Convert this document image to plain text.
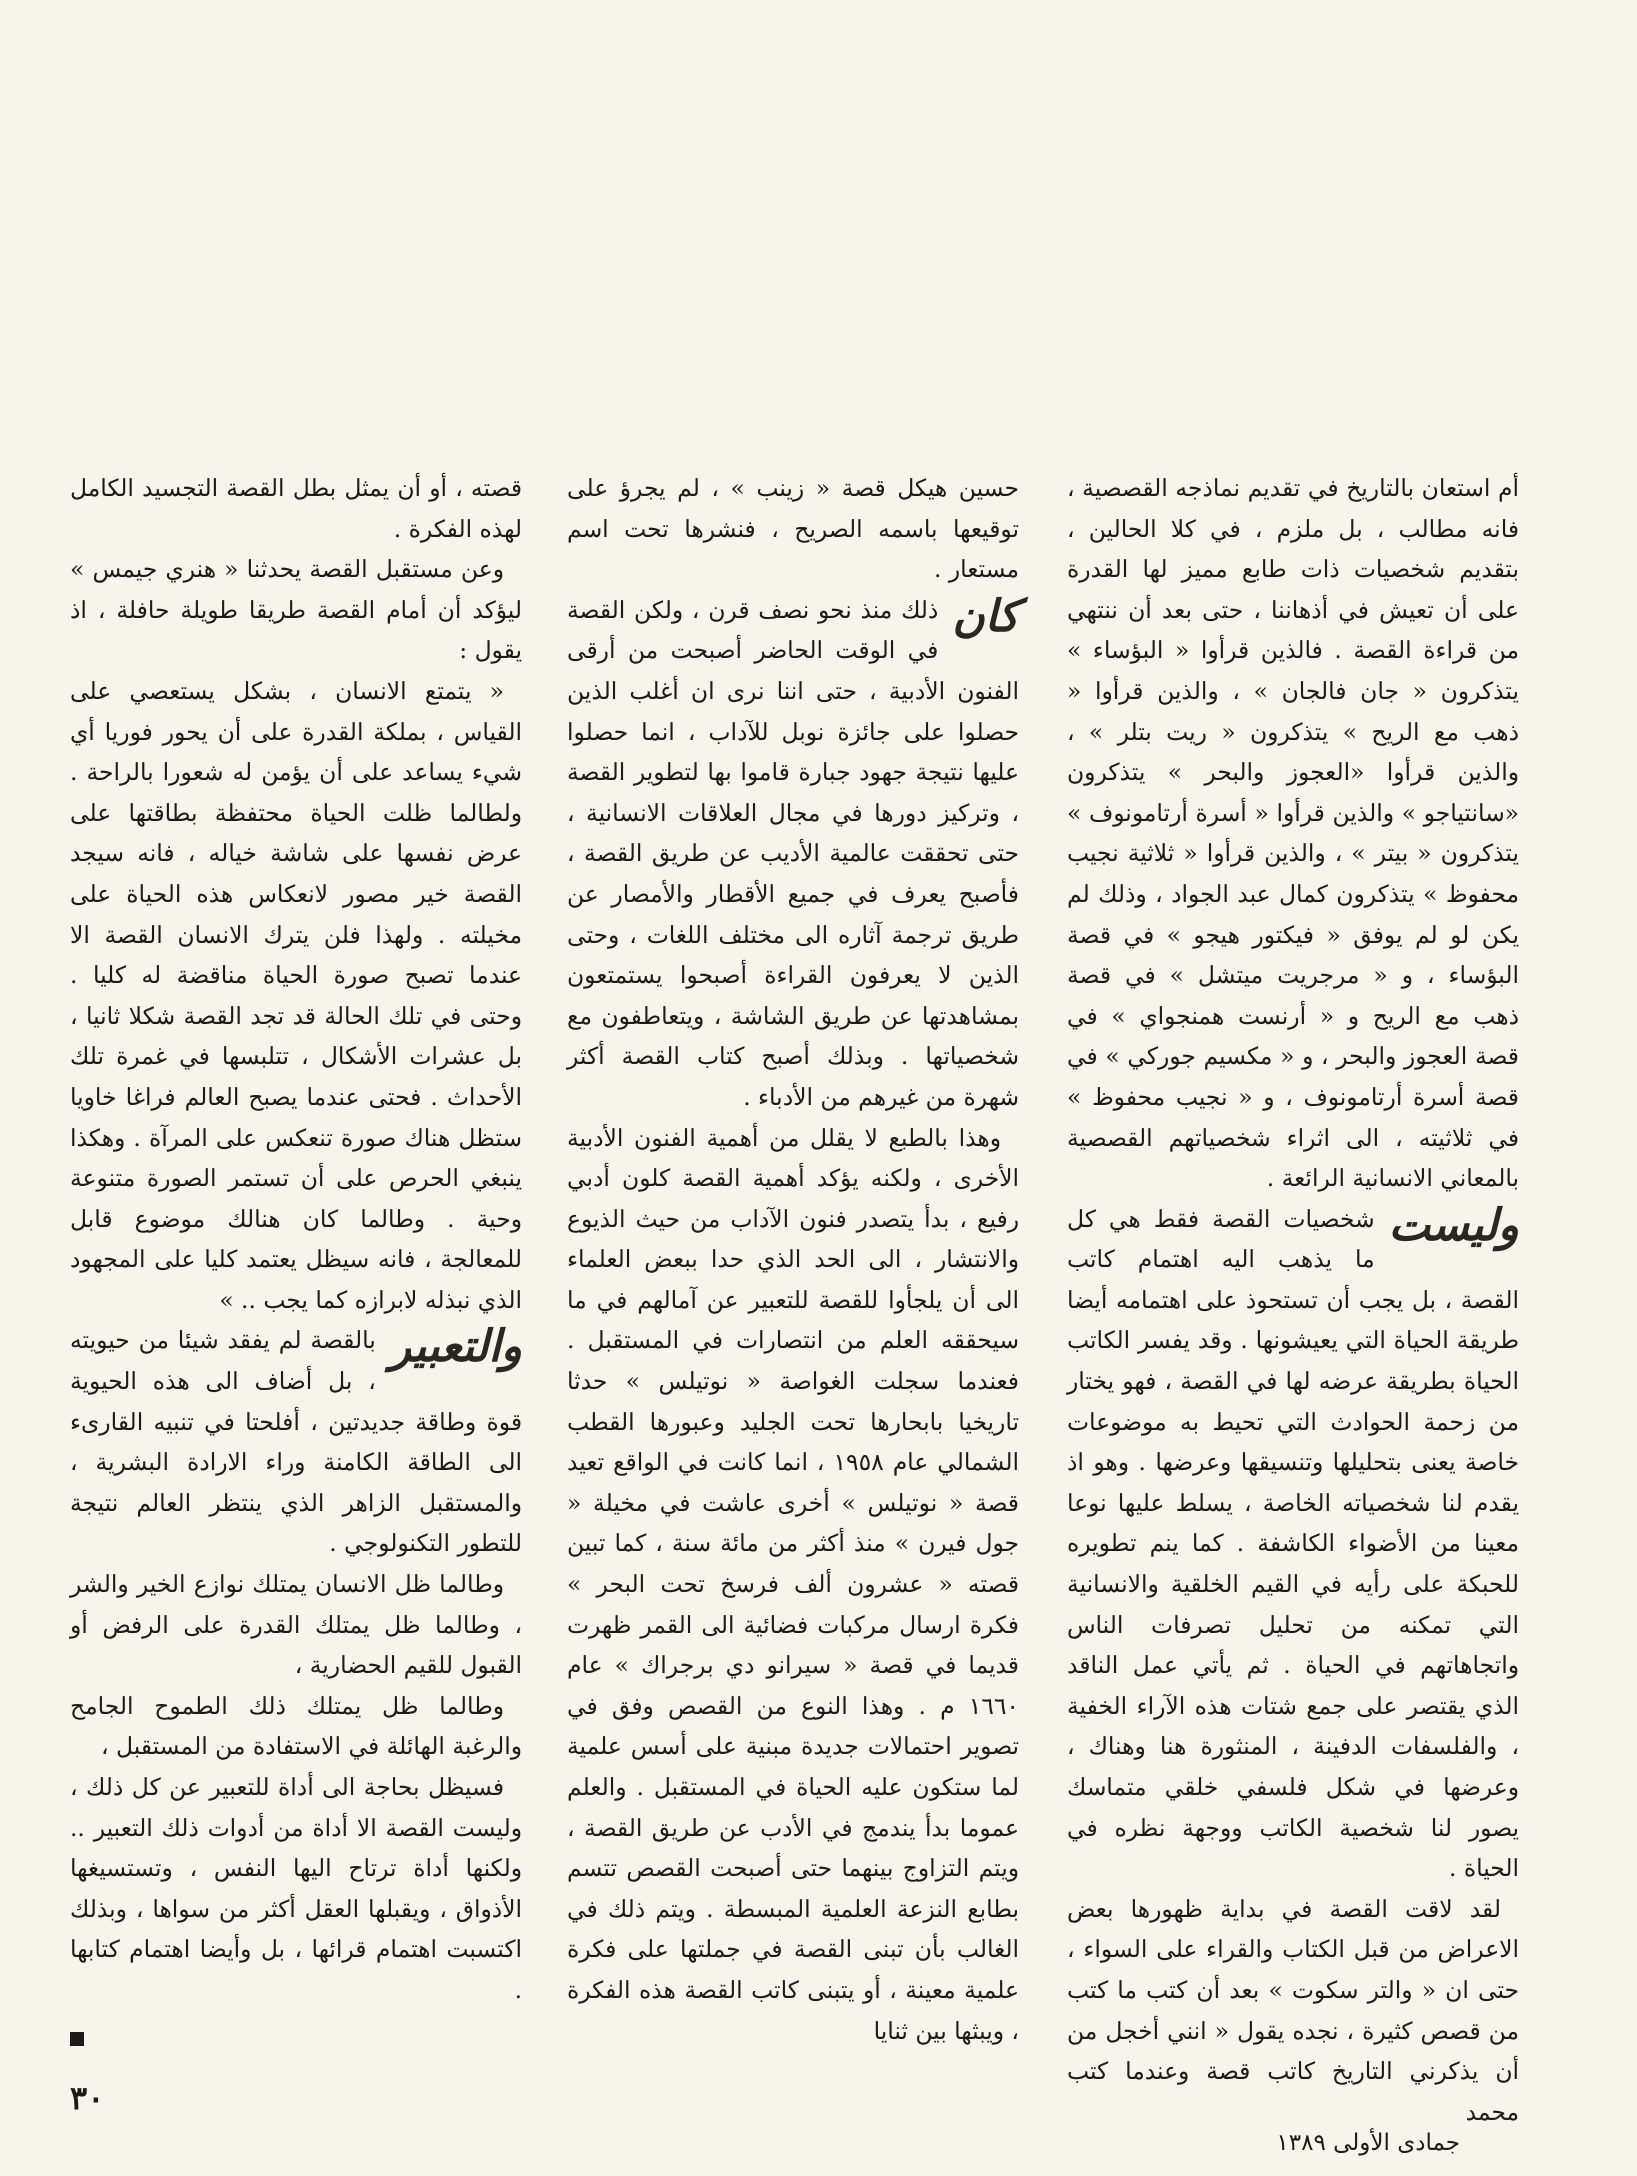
أم استعان بالتاريخ في تقديم نماذجه القصصية ، فانه مطالب ، بل ملزم ، في كلا الحالين ، بتقديم شخصيات ذات طابع مميز لها القدرة على أن تعيش في أذهاننا ، حتى بعد أن ننتهي من قراءة القصة . فالذين قرأوا « البؤساء » يتذكرون « جان فالجان » ، والذين قرأوا « ذهب مع الريح » يتذكرون « ريت بتلر » ، والذين قرأوا «العجوز والبحر » يتذكرون «سانتياجو » والذين قرأوا « أسرة أرتامونوف » يتذكرون « بيتر » ، والذين قرأوا « ثلاثية نجيب محفوظ » يتذكرون كمال عبد الجواد ، وذلك لم يكن لو لم يوفق « فيكتور هيجو » في قصة البؤساء ، و « مرجريت ميتشل » في قصة ذهب مع الريح و « أرنست همنجواي » في قصة العجوز والبحر ، و « مكسيم جوركي » في قصة أسرة أرتامونوف ، و « نجيب محفوظ » في ثلاثيته ، الى اثراء شخصياتهم القصصية بالمعاني الانسانية الرائعة .

وليست
شخصيات القصة فقط هي كل ما يذهب اليه اهتمام كاتب القصة ، بل يجب أن تستحوذ على اهتمامه أيضا طريقة الحياة التي يعيشونها . وقد يفسر الكاتب الحياة بطريقة عرضه لها في القصة ، فهو يختار من زحمة الحوادث التي تحيط به موضوعات خاصة يعنى بتحليلها وتنسيقها وعرضها . وهو اذ يقدم لنا شخصياته الخاصة ، يسلط عليها نوعا معينا من الأضواء الكاشفة . كما ينم تطويره للحبكة على رأيه في القيم الخلقية والانسانية التي تمكنه من تحليل تصرفات الناس واتجاهاتهم في الحياة . ثم يأتي عمل الناقد الذي يقتصر على جمع شتات هذه الآراء الخفية ، والفلسفات الدفينة ، المنثورة هنا وهناك ، وعرضها في شكل فلسفي خلقي متماسك يصور لنا شخصية الكاتب ووجهة نظره في الحياة .

لقد لاقت القصة في بداية ظهورها بعض الاعراض من قبل الكتاب والقراء على السواء ، حتى ان « والتر سكوت » بعد أن كتب ما كتب من قصص كثيرة ، نجده يقول « انني أخجل من أن يذكرني التاريخ كاتب قصة وعندما كتب محمد

حسين هيكل قصة « زينب » ، لم يجرؤ على توقيعها باسمه الصريح ، فنشرها تحت اسم مستعار .

كان
ذلك منذ نحو نصف قرن ، ولكن القصة في الوقت الحاضر أصبحت من أرقى الفنون الأدبية ، حتى اننا نرى ان أغلب الذين حصلوا على جائزة نوبل للآداب ، انما حصلوا عليها نتيجة جهود جبارة قاموا بها لتطوير القصة ، وتركيز دورها في مجال العلاقات الانسانية ، حتى تحققت عالمية الأديب عن طريق القصة ، فأصبح يعرف في جميع الأقطار والأمصار عن طريق ترجمة آثاره الى مختلف اللغات ، وحتى الذين لا يعرفون القراءة أصبحوا يستمتعون بمشاهدتها عن طريق الشاشة ، ويتعاطفون مع شخصياتها . وبذلك أصبح كتاب القصة أكثر شهرة من غيرهم من الأدباء .

وهذا بالطبع لا يقلل من أهمية الفنون الأدبية الأخرى ، ولكنه يؤكد أهمية القصة كلون أدبي رفيع ، بدأ يتصدر فنون الآداب من حيث الذيوع والانتشار ، الى الحد الذي حدا ببعض العلماء الى أن يلجأوا للقصة للتعبير عن آمالهم في ما سيحققه العلم من انتصارات في المستقبل . فعندما سجلت الغواصة « نوتيلس » حدثا تاريخيا بابحارها تحت الجليد وعبورها القطب الشمالي عام ١٩٥٨ ، انما كانت في الواقع تعيد قصة « نوتيلس » أخرى عاشت في مخيلة « جول فيرن » منذ أكثر من مائة سنة ، كما تبين قصته « عشرون ألف فرسخ تحت البحر » فكرة ارسال مركبات فضائية الى القمر ظهرت قديما في قصة « سيرانو دي برجراك » عام ١٦٦٠ م . وهذا النوع من القصص وفق في تصوير احتمالات جديدة مبنية على أسس علمية لما ستكون عليه الحياة في المستقبل . والعلم عموما بدأ يندمج في الأدب عن طريق القصة ، ويتم التزاوج بينهما حتى أصبحت القصص تتسم بطابع النزعة العلمية المبسطة . ويتم ذلك في الغالب بأن تبنى القصة في جملتها على فكرة علمية معينة ، أو يتبنى كاتب القصة هذه الفكرة ، ويبثها بين ثنايا

قصته ، أو أن يمثل بطل القصة التجسيد الكامل لهذه الفكرة .

وعن مستقبل القصة يحدثنا « هنري جيمس » ليؤكد أن أمام القصة طريقا طويلة حافلة ، اذ يقول :

« يتمتع الانسان ، بشكل يستعصي على القياس ، بملكة القدرة على أن يحور فوريا أي شيء يساعد على أن يؤمن له شعورا بالراحة . ولطالما ظلت الحياة محتفظة بطاقتها على عرض نفسها على شاشة خياله ، فانه سيجد القصة خير مصور لانعكاس هذه الحياة على مخيلته . ولهذا فلن يترك الانسان القصة الا عندما تصبح صورة الحياة مناقضة له كليا . وحتى في تلك الحالة قد تجد القصة شكلا ثانيا ، بل عشرات الأشكال ، تتلبسها في غمرة تلك الأحداث . فحتى عندما يصبح العالم فراغا خاويا ستظل هناك صورة تنعكس على المرآة . وهكذا ينبغي الحرص على أن تستمر الصورة متنوعة وحية . وطالما كان هنالك موضوع قابل للمعالجة ، فانه سيظل يعتمد كليا على المجهود الذي نبذله لابرازه كما يجب .. »

والتعبير
بالقصة لم يفقد شيئا من حيويته ، بل أضاف الى هذه الحيوية قوة وطاقة جديدتين ، أفلحتا في تنبيه القارىء الى الطاقة الكامنة وراء الارادة البشرية ، والمستقبل الزاهر الذي ينتظر العالم نتيجة للتطور التكنولوجي .

وطالما ظل الانسان يمتلك نوازع الخير والشر ، وطالما ظل يمتلك القدرة على الرفض أو القبول للقيم الحضارية ،

وطالما ظل يمتلك ذلك الطموح الجامح والرغبة الهائلة في الاستفادة من المستقبل ،

فسيظل بحاجة الى أداة للتعبير عن كل ذلك ، وليست القصة الا أداة من أدوات ذلك التعبير .. ولكنها أداة ترتاح اليها النفس ، وتستسيغها الأذواق ، ويقبلها العقل أكثر من سواها ، وبذلك اكتسبت اهتمام قرائها ، بل وأيضا اهتمام كتابها .

٣٠
جمادى الأولى ١٣٨٩
